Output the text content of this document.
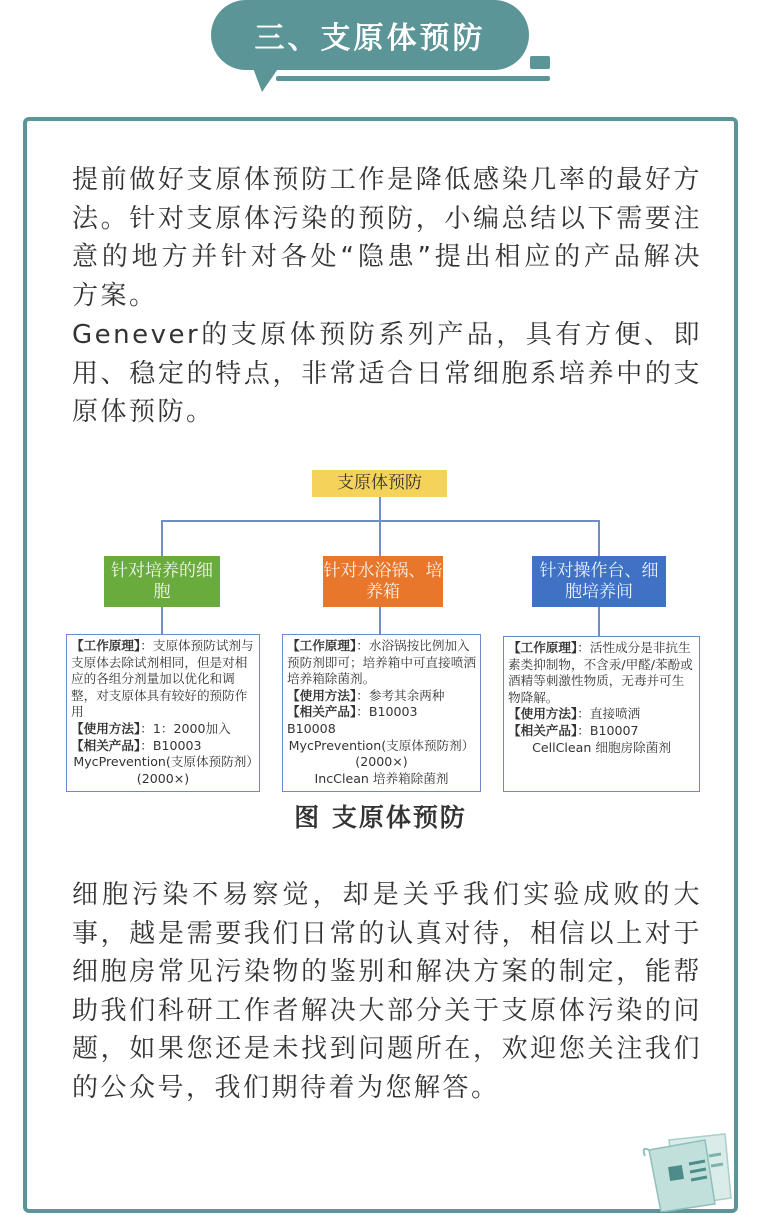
三、支原体预防

提前做好支原体预防工作是降低感染几率的最好方法。针对支原体污染的预防，小编总结以下需要注意的地方并针对各处“隐患”提出相应的产品解决方案。

Genever的支原体预防系列产品，具有方便、即用、稳定的特点，非常适合日常细胞系培养中的支原体预防。

支原体预防
针对培养的细胞
针对水浴锅、培养箱
针对操作台、细胞培养间
【工作原理】：支原体预防试剂与支原体去除试剂相同，但是对相应的各组分剂量加以优化和调整，对支原体具有较好的预防作用
【使用方法】：1：2000加入
【相关产品】：B10003
MycPrevention(支原体预防剂）(2000×)
【工作原理】：水浴锅按比例加入预防剂即可；培养箱中可直接喷洒培养箱除菌剂。
【使用方法】：参考其余两种
【相关产品】：B10003
B10008
MycPrevention(支原体预防剂）(2000×)
IncClean 培养箱除菌剂
【工作原理】：活性成分是非抗生素类抑制物，不含汞/甲醛/苯酚或酒精等刺激性物质，无毒并可生物降解。
【使用方法】：直接喷洒
【相关产品】：B10007
CellClean 细胞房除菌剂
图 支原体预防

细胞污染不易察觉，却是关乎我们实验成败的大事，越是需要我们日常的认真对待，相信以上对于细胞房常见污染物的鉴别和解决方案的制定，能帮助我们科研工作者解决大部分关于支原体污染的问题，如果您还是未找到问题所在，欢迎您关注我们的公众号，我们期待着为您解答。
